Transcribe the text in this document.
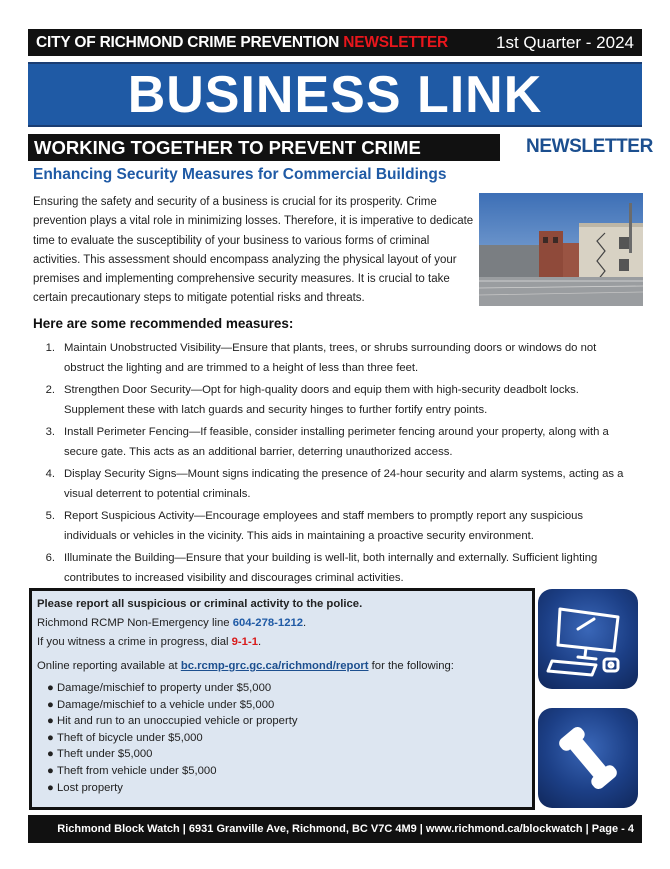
CITY OF RICHMOND CRIME PREVENTION NEWSLETTER	1st Quarter - 2024
BUSINESS LINK
WORKING TOGETHER TO PREVENT CRIME	NEWSLETTER
Enhancing Security Measures for Commercial Buildings
Ensuring the safety and security of a business is crucial for its prosperity. Crime prevention plays a vital role in minimizing losses. Therefore, it is imperative to dedicate time to evaluate the susceptibility of your business to various forms of criminal activities. This assessment should encompass analyzing the physical layout of your premises and implementing comprehensive security measures. It is crucial to take certain precautionary steps to mitigate potential risks and threats.
Here are some recommended measures:
1. Maintain Unobstructed Visibility—Ensure that plants, trees, or shrubs surrounding doors or windows do not obstruct the lighting and are trimmed to a height of less than three feet.
2. Strengthen Door Security—Opt for high-quality doors and equip them with high-security deadbolt locks. Supplement these with latch guards and security hinges to further fortify entry points.
3. Install Perimeter Fencing—If feasible, consider installing perimeter fencing around your property, along with a secure gate. This acts as an additional barrier, deterring unauthorized access.
4. Display Security Signs—Mount signs indicating the presence of 24-hour security and alarm systems, acting as a visual deterrent to potential criminals.
5. Report Suspicious Activity—Encourage employees and staff members to promptly report any suspicious individuals or vehicles in the vicinity. This aids in maintaining a proactive security environment.
6. Illuminate the Building—Ensure that your building is well-lit, both internally and externally. Sufficient lighting contributes to increased visibility and discourages criminal activities.
Please report all suspicious or criminal activity to the police.
Richmond RCMP Non-Emergency line 604-278-1212.
If you witness a crime in progress, dial 9-1-1.
Online reporting available at bc.rcmp-grc.gc.ca/richmond/report for the following:
● Damage/mischief to property under $5,000
● Damage/mischief to a vehicle under $5,000
● Hit and run to an unoccupied vehicle or property
● Theft of bicycle under $5,000
● Theft under $5,000
● Theft from vehicle under $5,000
● Lost property
Richmond Block Watch | 6931 Granville Ave, Richmond, BC V7C 4M9 | www.richmond.ca/blockwatch | Page - 4
